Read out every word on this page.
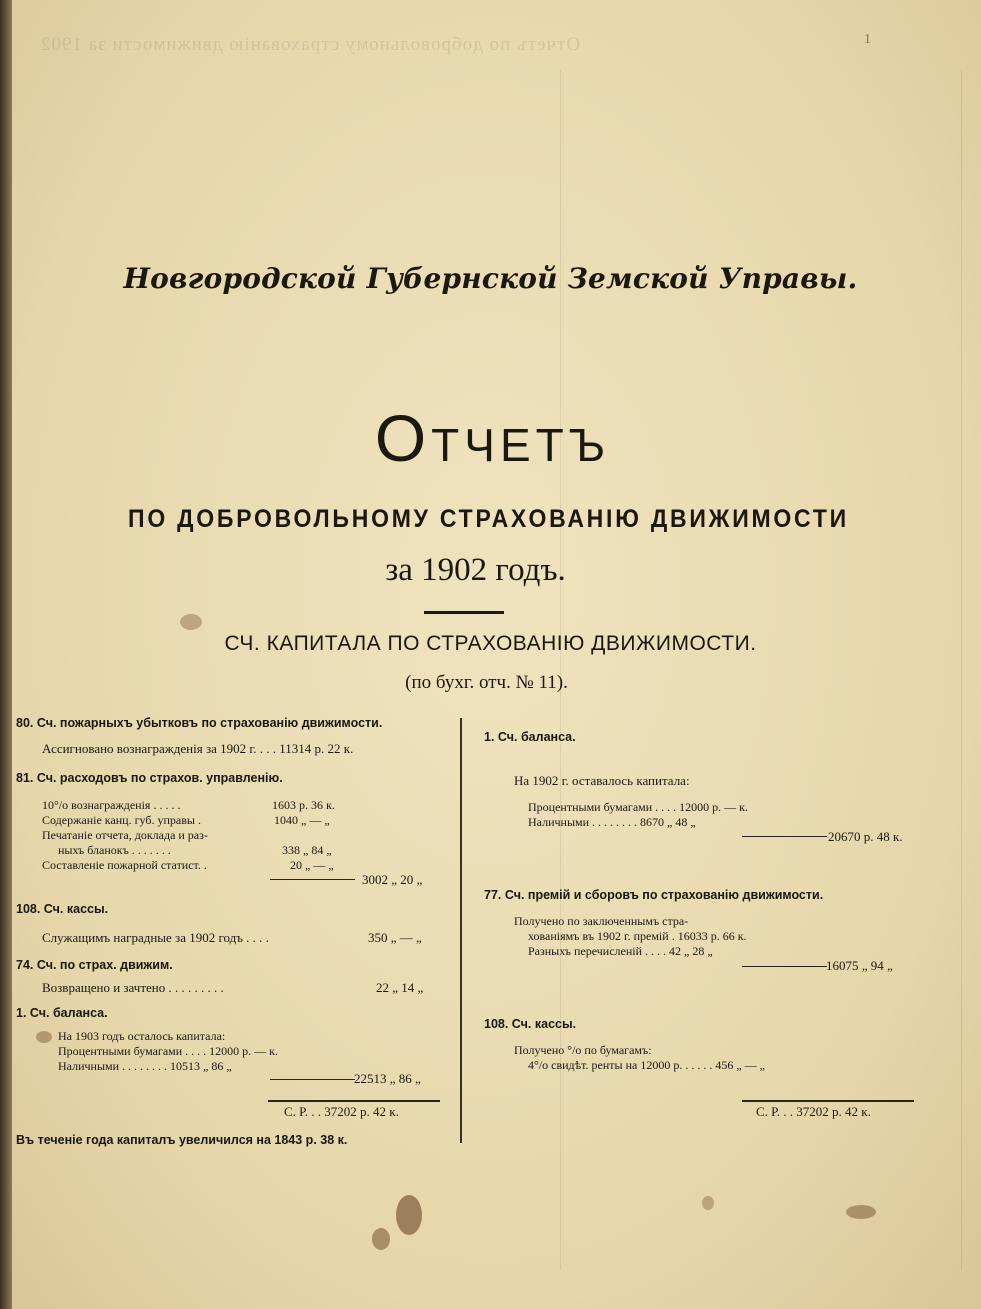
Отчетъ по добровольному страхованію движимости за 1902	1
Новгородской Губернской Земской Управы.
Отчетъ
ПО ДОБРОВОЛЬНОМУ СТРАХОВАНІЮ ДВИЖИМОСТИ
за 1902 годъ.
СЧ. КАПИТАЛА ПО СТРАХОВАНІЮ ДВИЖИМОСТИ.
(по бухг. отч. № 11).
80. Сч. пожарныхъ убытковъ по страхованію движимости.
Ассигновано вознагражденія за 1902 г. . . . 11314 р. 22 к.
81. Сч. расходовъ по страхов. управленію.
10°/о вознагражденія . . . . .	1603 р. 36 к.
Содержаніе канц. губ. управы .	1040 „ — „
Печатаніе отчета, доклада и раз-
ныхъ бланокъ . . . . . . .	338 „ 84 „
Составленіе пожарной статист. .	20 „ — „
3002 „ 20 „
108. Сч. кассы.
Служащимъ наградные за 1902 годъ . . . .	350 „ — „
74. Сч. по страх. движим.
Возвращено и зачтено . . . . . . . . .	22 „ 14 „
1. Сч. баланса.
На 1903 годъ осталось капитала:
Процентными бумагами . . . . 12000 р. — к.
Наличными . . . . . . . . 10513 „ 86 „
22513 „ 86 „
С. Р. . . 37202 р. 42 к.
Въ теченіе года капиталъ увеличился на 1843 р. 38 к.
1. Сч. баланса.
На 1902 г. оставалось капитала:
Процентными бумагами . . . . 12000 р. — к.
Наличными . . . . . . . . 8670 „ 48 „
20670 р. 48 к.
77. Сч. премій и сборовъ по страхованію движимости.
Получено по заключеннымъ стра-
хованіямъ въ 1902 г. премій . 16033 р. 66 к.
Разныхъ перечисленій . . . . 42 „ 28 „
16075 „ 94 „
108. Сч. кассы.
Получено °/о по бумагамъ:
4°/о свидѣт. ренты на 12000 р. . . . . . 456 „ — „
С. Р. . . 37202 р. 42 к.
